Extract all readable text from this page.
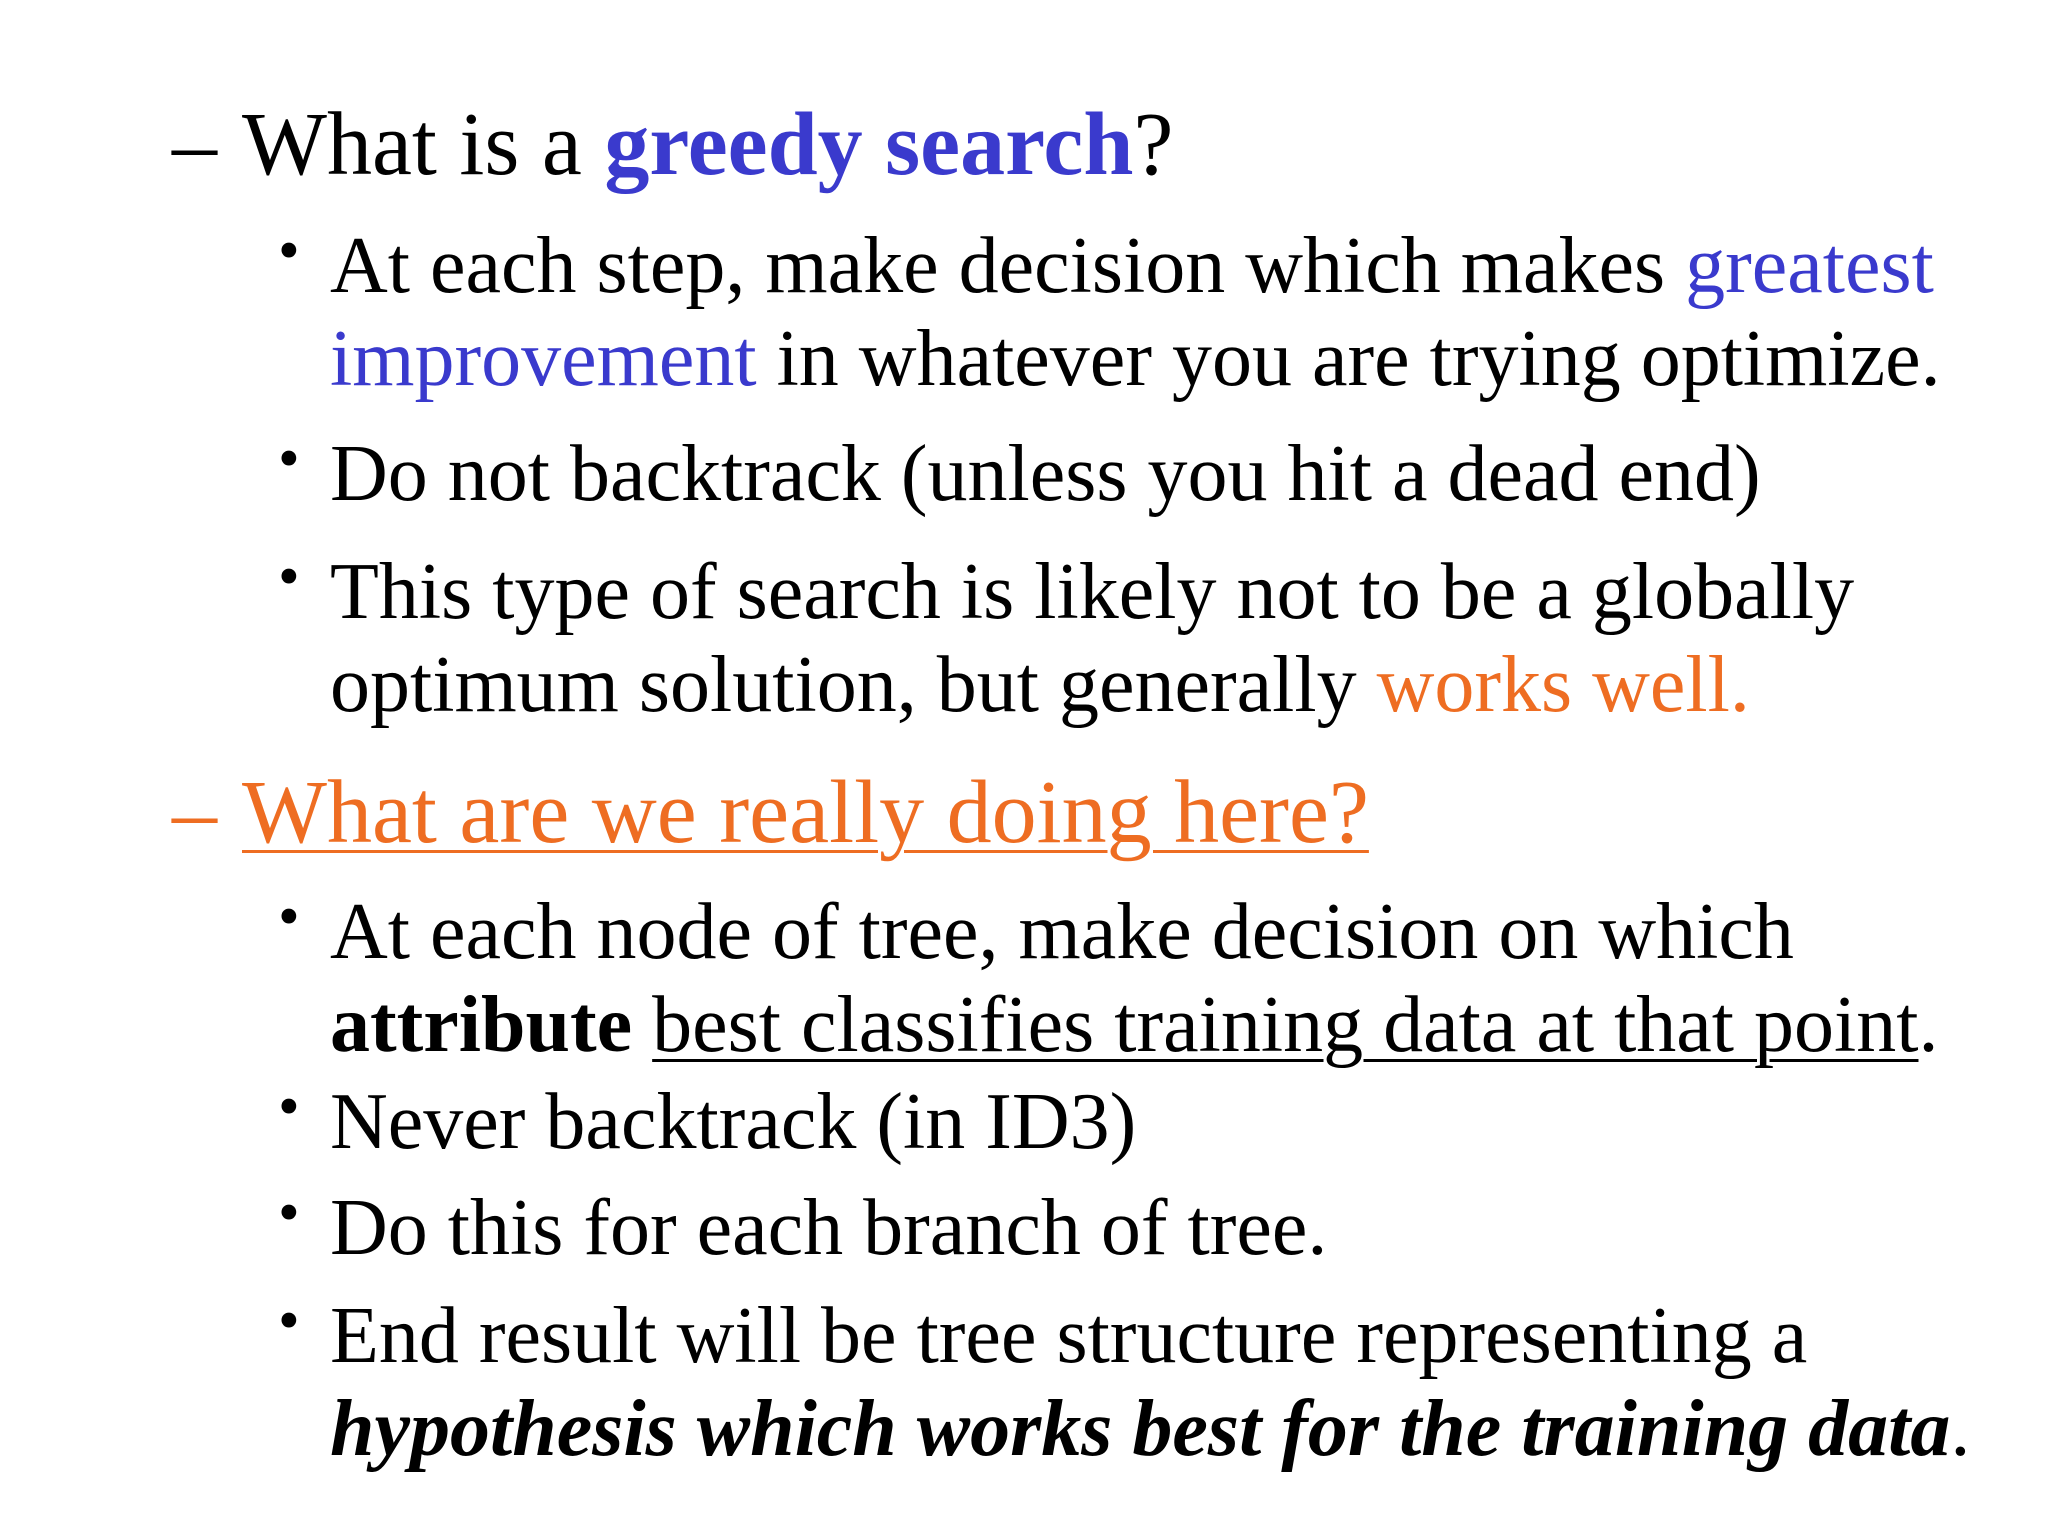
– What is a greedy search?
• At each step, make decision which makes greatest
improvement in whatever you are trying optimize.
• Do not backtrack (unless you hit a dead end)
• This type of search is likely not to be a globally
optimum solution, but generally works well.
– What are we really doing here?
• At each node of tree, make decision on which
attribute best classifies training data at that point.
• Never backtrack (in ID3)
• Do this for each branch of tree.
• End result will be tree structure representing a
hypothesis which works best for the training data.
